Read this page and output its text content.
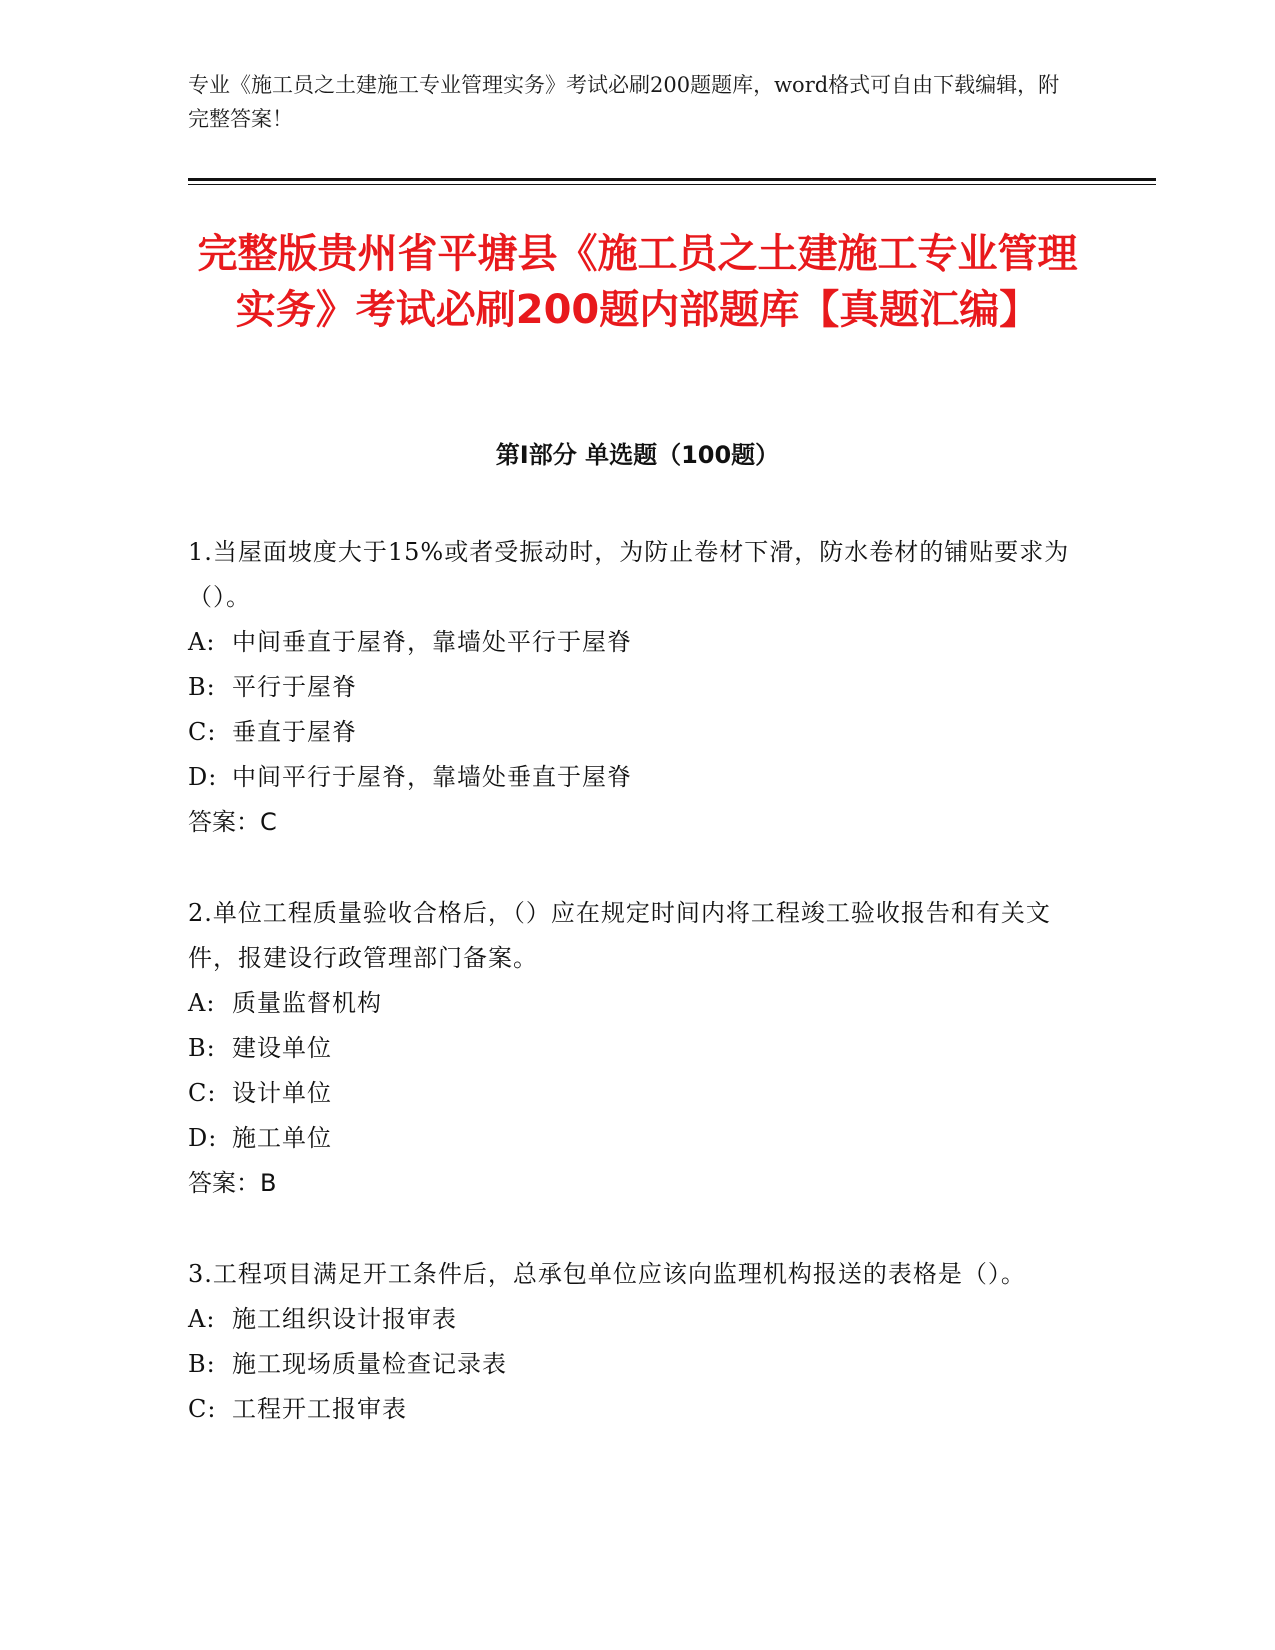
专业《施工员之土建施工专业管理实务》考试必刷200题题库，word格式可自由下载编辑，附完整答案！
完整版贵州省平塘县《施工员之土建施工专业管理实务》考试必刷200题内部题库【真题汇编】
第Ⅰ部分 单选题（100题）
1.当屋面坡度大于15%或者受振动时，为防止卷材下滑，防水卷材的铺贴要求为（）。
A: 中间垂直于屋脊，靠墙处平行于屋脊
B: 平行于屋脊
C: 垂直于屋脊
D: 中间平行于屋脊，靠墙处垂直于屋脊
答案：C
2.单位工程质量验收合格后，（）应在规定时间内将工程竣工验收报告和有关文件，报建设行政管理部门备案。
A: 质量监督机构
B: 建设单位
C: 设计单位
D: 施工单位
答案：B
3.工程项目满足开工条件后，总承包单位应该向监理机构报送的表格是（）。
A: 施工组织设计报审表
B: 施工现场质量检查记录表
C: 工程开工报审表
